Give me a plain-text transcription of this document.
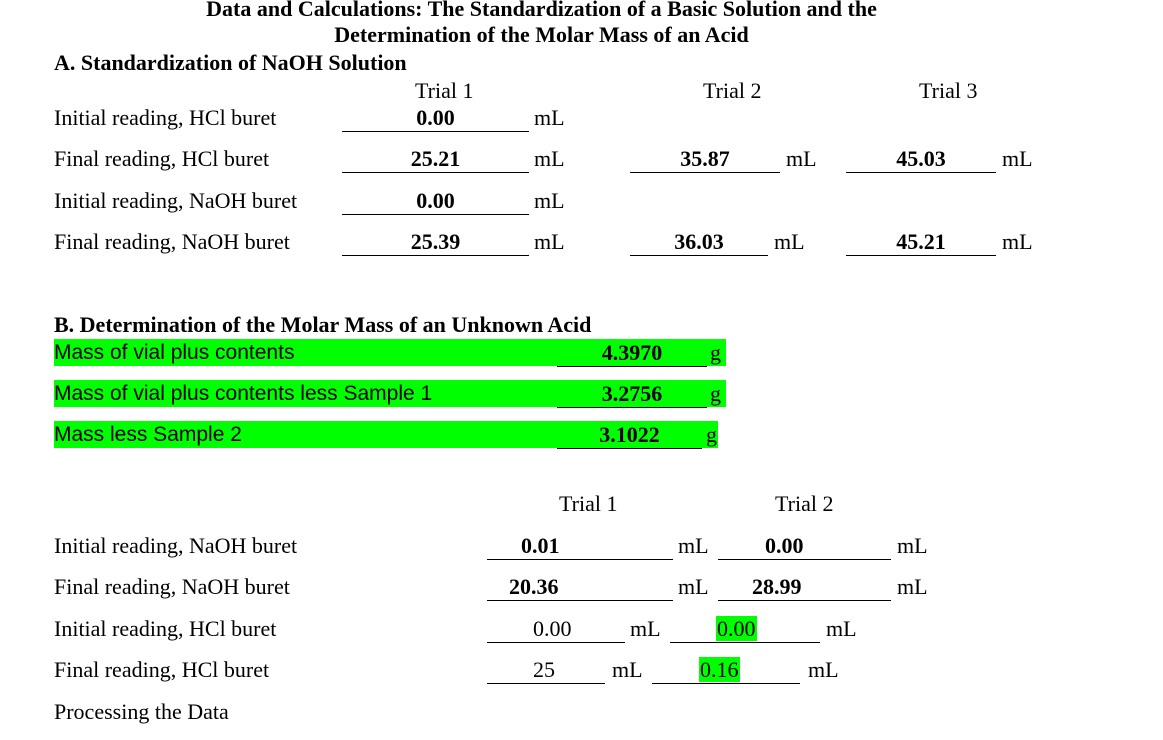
Data and Calculations: The Standardization of a Basic Solution and the
Determination of the Molar Mass of an Acid
A. Standardization of NaOH Solution
Trial 1	Trial 2	Trial 3
Initial reading, HCl buret	0.00	mL
Final reading, HCl buret	25.21	mL	35.87	mL	45.03	mL
Initial reading, NaOH buret	0.00	mL
Final reading, NaOH buret	25.39	mL	36.03	mL	45.21	mL
B. Determination of the Molar Mass of an Unknown Acid
Mass of vial plus contents	4.3970	g
Mass of vial plus contents less Sample 1	3.2756	g
Mass less Sample 2	3.1022	g
Trial 1	Trial 2
Initial reading, NaOH buret	0.01	mL	0.00	mL
Final reading, NaOH buret	20.36	mL	28.99	mL
Initial reading, HCl buret	0.00	mL	0.00	mL
Final reading, HCl buret	25	mL	0.16	mL
Processing the Data
